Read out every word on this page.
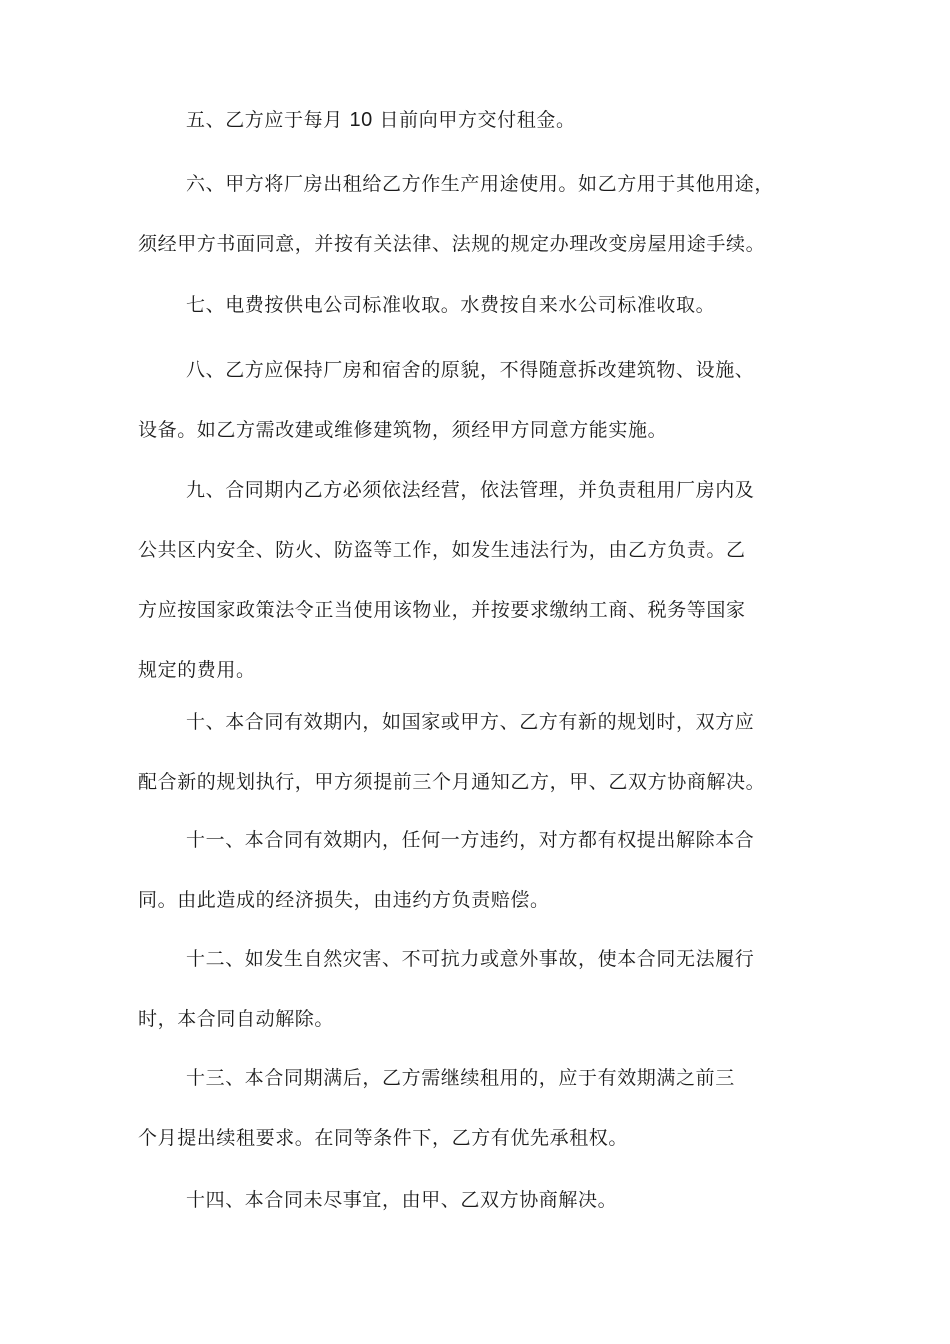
五、乙方应于每月 10 日前向甲方交付租金。

六、甲方将厂房出租给乙方作生产用途使用。如乙方用于其他用途，
须经甲方书面同意，并按有关法律、法规的规定办理改变房屋用途手续。

七、电费按供电公司标准收取。水费按自来水公司标准收取。

八、乙方应保持厂房和宿舍的原貌，不得随意拆改建筑物、设施、
设备。如乙方需改建或维修建筑物，须经甲方同意方能实施。

九、合同期内乙方必须依法经营，依法管理，并负责租用厂房内及
公共区内安全、防火、防盗等工作，如发生违法行为，由乙方负责。乙
方应按国家政策法令正当使用该物业，并按要求缴纳工商、税务等国家
规定的费用。

十、本合同有效期内，如国家或甲方、乙方有新的规划时，双方应
配合新的规划执行，甲方须提前三个月通知乙方，甲、乙双方协商解决。

十一、本合同有效期内，任何一方违约，对方都有权提出解除本合
同。由此造成的经济损失，由违约方负责赔偿。

十二、如发生自然灾害、不可抗力或意外事故，使本合同无法履行
时，本合同自动解除。

十三、本合同期满后，乙方需继续租用的，应于有效期满之前三
个月提出续租要求。在同等条件下，乙方有优先承租权。

十四、本合同未尽事宜，由甲、乙双方协商解决。
